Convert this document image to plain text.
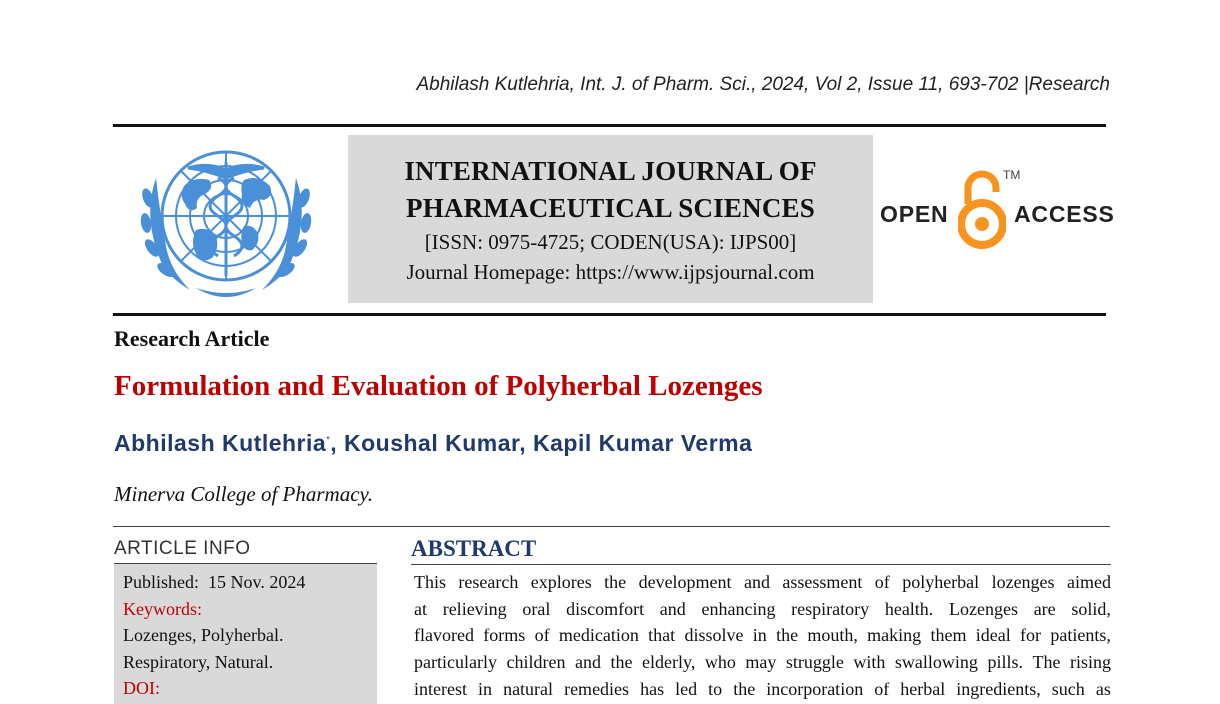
Abhilash Kutlehria, Int. J. of Pharm. Sci., 2024, Vol 2, Issue 11, 693-702 |Research
INTERNATIONAL JOURNAL OF
PHARMACEUTICAL SCIENCES
[ISSN: 0975-4725; CODEN(USA): IJPS00]
Journal Homepage: https://www.ijpsjournal.com
OPEN
TM
ACCESS
Research Article
Formulation and Evaluation of Polyherbal Lozenges
Abhilash Kutlehria*, Koushal Kumar, Kapil Kumar Verma
Minerva College of Pharmacy.
ARTICLE INFO
Published: 15 Nov. 2024
Keywords:
Lozenges, Polyherbal.
Respiratory, Natural.
DOI:
ABSTRACT
This research explores the development and assessment of polyherbal lozenges aimed
at relieving oral discomfort and enhancing respiratory health. Lozenges are solid,
flavored forms of medication that dissolve in the mouth, making them ideal for patients,
particularly children and the elderly, who may struggle with swallowing pills. The rising
interest in natural remedies has led to the incorporation of herbal ingredients, such as
